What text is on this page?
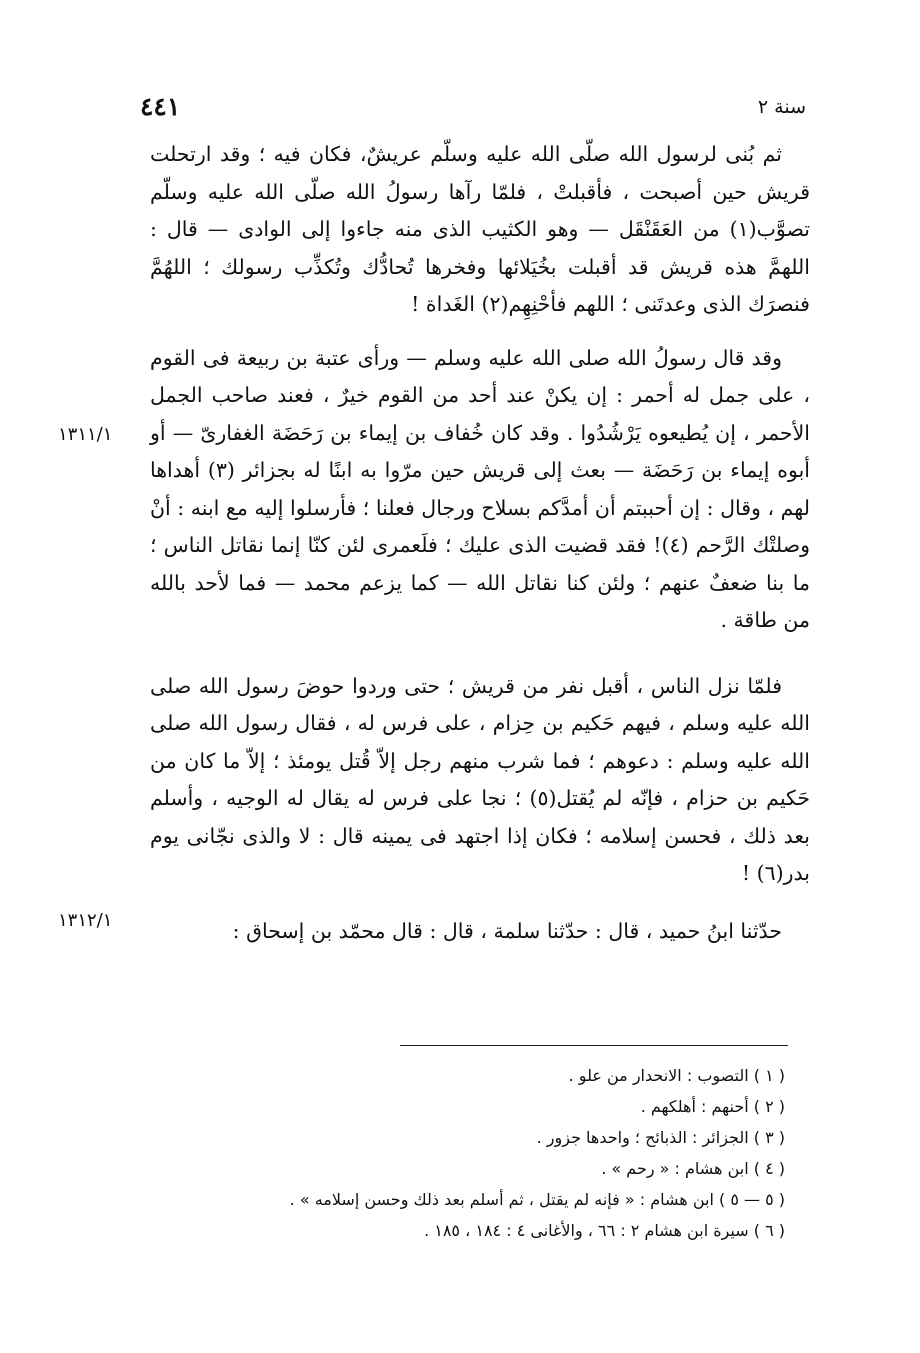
سنة ٢
٤٤١

ثم بُنى لرسول الله صلّى الله عليه وسلّم عريشٌ، فكان فيه ؛ وقد ارتحلت قريش حين أصبحت ، فأقبلتْ ، فلمّا رآها رسولُ الله صلّى الله عليه وسلّم تصوَّب(١) من العَقَنْقَل — وهو الكثيب الذى منه جاءوا إلى الوادى — قال : اللهمَّ هذه قريش قد أقبلت بخُيَلائها وفخرها تُحادُّك وتُكذِّب رسولك ؛ اللهُمَّ فنصرَك الذى وعدتَنى ؛ اللهم فأحْنِهِم(٢) الغَداة !

وقد قال رسولُ الله صلى الله عليه وسلم — ورأى عتبة بن ربيعة فى القوم ، على جمل له أحمر : إن يكنْ عند أحد من القوم خيرٌ ، فعند صاحب الجمل الأحمر ، إن يُطيعوه يَرْشُدُوا . وقد كان خُفاف بن إيماء بن رَحَضَة الغفارىّ — أو أبوه إيماء بن رَحَضَة — بعث إلى قريش حين مرّوا به ابنًا له بجزائر (٣) أهداها لهم ، وقال : إن أحببتم أن أمدَّكم بسلاح ورجال فعلنا ؛ فأرسلوا إليه مع ابنه : أنْ وصلتْك الرَّحم (٤)! فقد قضيت الذى عليك ؛ فلَعمرى لئن كنّا إنما نقاتل الناس ؛ ما بنا ضعفٌ عنهم ؛ ولئن كنا نقاتل الله — كما يزعم محمد — فما لأحد بالله من طاقة .

فلمّا نزل الناس ، أقبل نفر من قريش ؛ حتى وردوا حوضَ رسول الله صلى الله عليه وسلم ، فيهم حَكيم بن حِزام ، على فرس له ، فقال رسول الله صلى الله عليه وسلم : دعوهم ؛ فما شرب منهم رجل إلاّ قُتل يومئذ ؛ إلاّ ما كان من حَكيم بن حزام ، فإنّه لم يُقتل(٥) ؛ نجا على فرس له يقال له الوجيه ، وأسلم بعد ذلك ، فحسن إسلامه ؛ فكان إذا اجتهد فى يمينه قال : لا والذى نجّانى يوم بدر(٦) !

حدّثنا ابنُ حميد ، قال : حدّثنا سلمة ، قال : قال محمّد بن إسحاق :

١٣١١/١
١٣١٢/١
( ١ ) التصوب : الانحدار من علو .
( ٢ ) أحنهم : أهلكهم .
( ٣ ) الجزائر : الذبائح ؛ واحدها جزور .
( ٤ ) ابن هشام : « رحم » .
( ٥ — ٥ ) ابن هشام : « فإنه لم يقتل ، ثم أسلم بعد ذلك وحسن إسلامه » .
( ٦ ) سيرة ابن هشام ٢ : ٦٦ ، والأغانى ٤ : ١٨٤ ، ١٨٥ .
